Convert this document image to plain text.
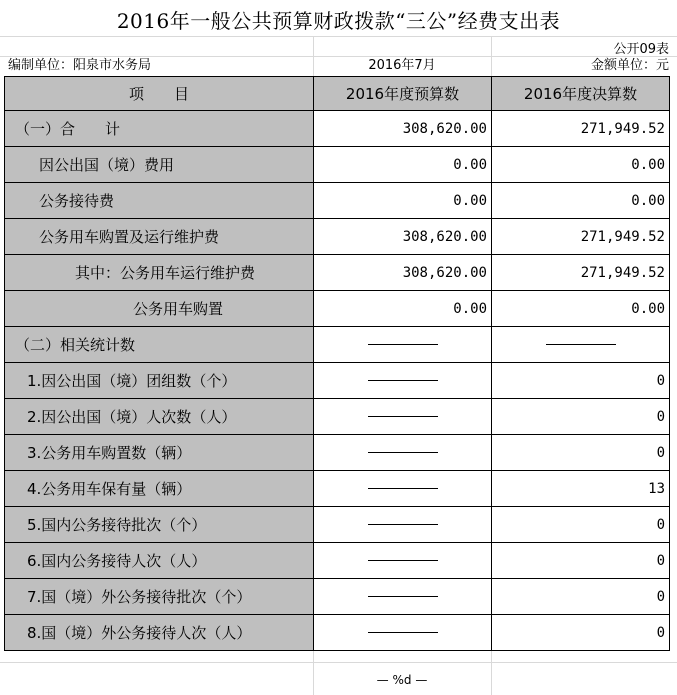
2016年一般公共预算财政拨款“三公”经费支出表
公开09表
编制单位：阳泉市水务局	2016年7月	金额单位：元
项　　目	2016年度预算数	2016年度决算数
（一）合　　计	308,620.00	271,949.52
因公出国（境）费用	0.00	0.00
公务接待费	0.00	0.00
公务用车购置及运行维护费	308,620.00	271,949.52
其中：公务用车运行维护费	308,620.00	271,949.52
公务用车购置	0.00	0.00
（二）相关统计数	

1.因公出国（境）团组数（个）		0
2.因公出国（境）人次数（人）		0
3.公务用车购置数（辆）		0
4.公务用车保有量（辆）		13
5.国内公务接待批次（个）		0
6.国内公务接待人次（人）		0
7.国（境）外公务接待批次（个）		0
8.国（境）外公务接待人次（人）		0
— %d —
